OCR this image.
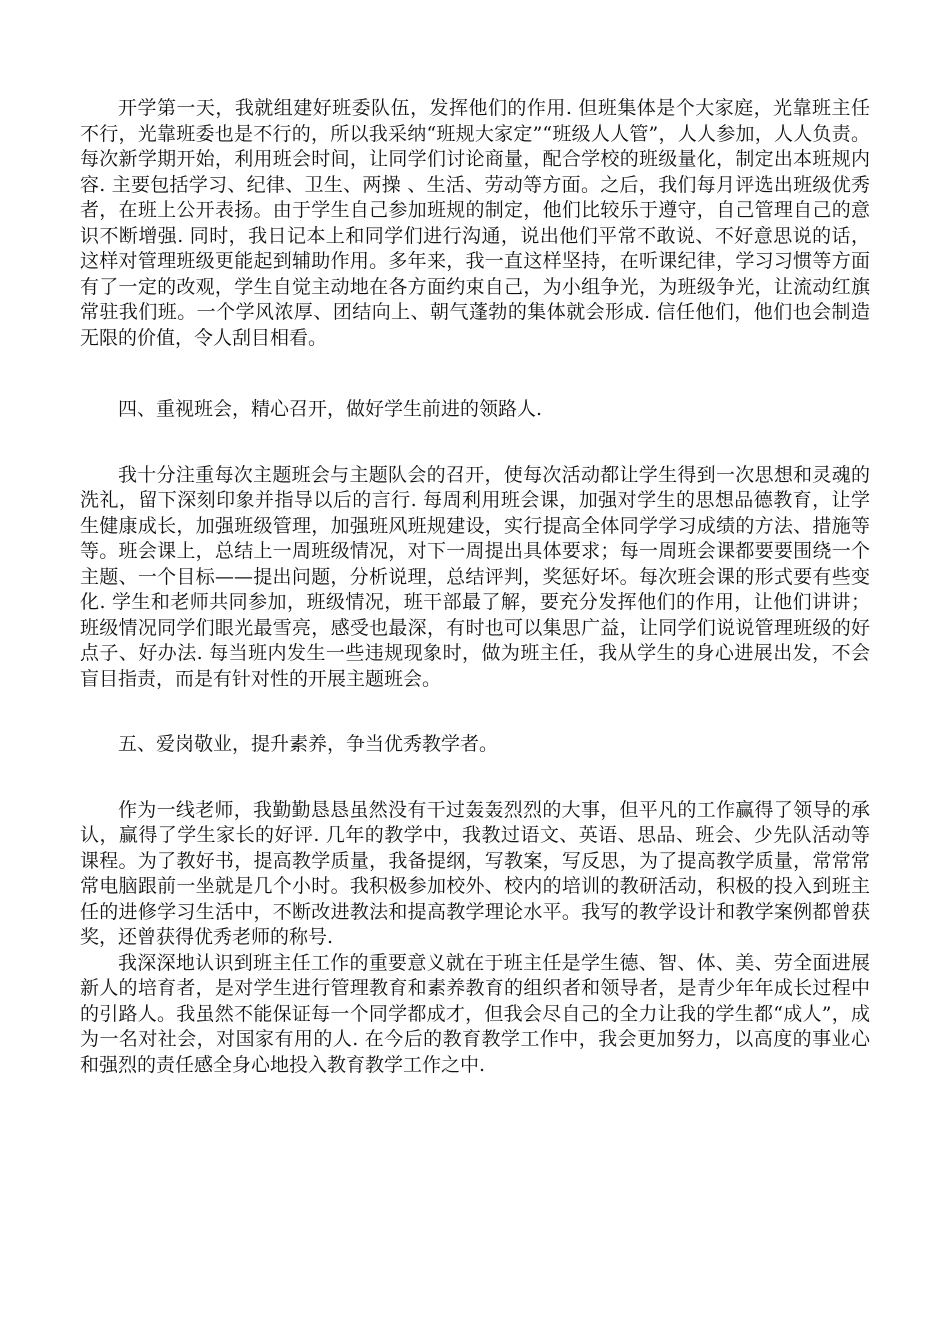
开学第一天，我就组建好班委队伍，发挥他们的作用. 但班集体是个大家庭，光靠班主任不行，光靠班委也是不行的，所以我采纳“班规大家定”“班级人人管”，人人参加，人人负责。每次新学期开始，利用班会时间，让同学们讨论商量，配合学校的班级量化，制定出本班规内容. 主要包括学习、纪律、卫生、两操 、生活、劳动等方面。之后，我们每月评选出班级优秀者，在班上公开表扬。由于学生自己参加班规的制定，他们比较乐于遵守，自己管理自己的意识不断增强. 同时，我日记本上和同学们进行沟通，说出他们平常不敢说、不好意思说的话，这样对管理班级更能起到辅助作用。多年来，我一直这样坚持，在听课纪律，学习习惯等方面有了一定的改观，学生自觉主动地在各方面约束自己，为小组争光，为班级争光，让流动红旗常驻我们班。一个学风浓厚、团结向上、朝气蓬勃的集体就会形成. 信任他们，他们也会制造无限的价值，令人刮目相看。

四、重视班会，精心召开，做好学生前进的领路人.

我十分注重每次主题班会与主题队会的召开，使每次活动都让学生得到一次思想和灵魂的洗礼，留下深刻印象并指导以后的言行. 每周利用班会课，加强对学生的思想品德教育，让学生健康成长，加强班级管理，加强班风班规建设，实行提高全体同学学习成绩的方法、措施等等。班会课上，总结上一周班级情况，对下一周提出具体要求；每一周班会课都要要围绕一个主题、一个目标——提出问题，分析说理，总结评判，奖惩好坏。每次班会课的形式要有些变化. 学生和老师共同参加，班级情况，班干部最了解，要充分发挥他们的作用，让他们讲讲；班级情况同学们眼光最雪亮，感受也最深，有时也可以集思广益，让同学们说说管理班级的好点子、好办法. 每当班内发生一些违规现象时，做为班主任，我从学生的身心进展出发，不会盲目指责，而是有针对性的开展主题班会。

五、爱岗敬业，提升素养，争当优秀教学者。

作为一线老师，我勤勤恳恳虽然没有干过轰轰烈烈的大事，但平凡的工作赢得了领导的承认，赢得了学生家长的好评. 几年的教学中，我教过语文、英语、思品、班会、少先队活动等课程。为了教好书，提高教学质量，我备提纲，写教案，写反思，为了提高教学质量，常常常常电脑跟前一坐就是几个小时。我积极参加校外、校内的培训的教研活动，积极的投入到班主任的进修学习生活中，不断改进教法和提高教学理论水平。我写的教学设计和教学案例都曾获奖，还曾获得优秀老师的称号.

我深深地认识到班主任工作的重要意义就在于班主任是学生德、智、体、美、劳全面进展新人的培育者，是对学生进行管理教育和素养教育的组织者和领导者，是青少年年成长过程中的引路人。我虽然不能保证每一个同学都成才，但我会尽自己的全力让我的学生都“成人”，成为一名对社会，对国家有用的人. 在今后的教育教学工作中，我会更加努力，以高度的事业心和强烈的责任感全身心地投入教育教学工作之中.
